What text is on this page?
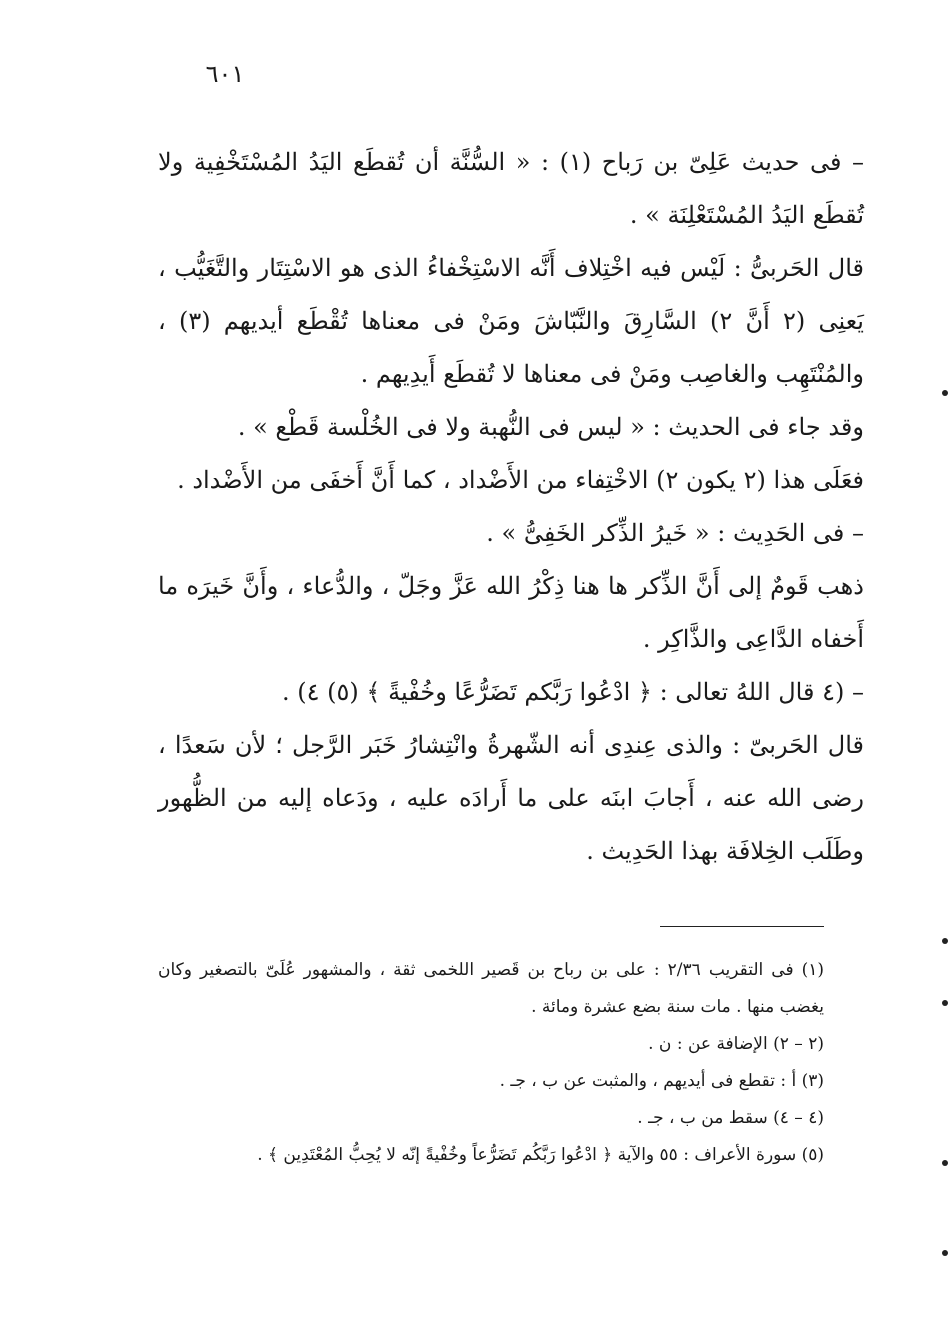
٦٠١

– فى حديث عَلِىّ بن رَباح (١) : « السُّنَّة أن تُقطَع اليَدُ المُسْتَخْفِية ولا تُقطَع اليَدُ المُسْتَعْلِنَة » .

قال الحَربىُّ : لَيْس فيه اخْتِلاف أَنَّه الاسْتِخْفاءُ الذى هو الاسْتِتَار والتَّغَيُّب ، يَعنِى (٢ أَنَّ ٢) السَّارِقَ والنَّبّاشَ ومَنْ فى معناها تُقْطَع أيديهم (٣) ، والمُنْتَهِب والغاصِب ومَنْ فى معناها لا تُقطَع أَيدِيهم .

وقد جاء فى الحديث : « ليس فى النُّهبة ولا فى الخُلْسة قَطْع » .

فعَلَى هذا (٢ يكون ٢) الاخْتِفاء من الأَضْداد ، كما أَنَّ أَخفَى من الأَضْداد .

– فى الحَدِيث : « خَيرُ الذِّكر الخَفِىُّ » .

ذهب قَومٌ إلى أَنَّ الذِّكر ها هنا ذِكْرُ الله عَزَّ وجَلّ ، والدُّعاء ، وأَنَّ خَيرَه ما أَخفاه الدَّاعِى والذَّاكِر .

– (٤ قال اللهُ تعالى : ﴿ ادْعُوا رَبَّكم تَضَرُّعًا وخُفْيةً ﴾ (٥) ٤) .

قال الحَربىّ : والذى عِندِى أنه الشّهرةُ وانْتِشارُ خَبَر الرَّجل ؛ لأن سَعدًا ، رضى الله عنه ، أَجابَ ابنَه على ما أَرادَه عليه ، ودَعاه إليه من الظُّهور وطَلَب الخِلافَة بهذا الحَدِيث .

(١) فى التقريب ٢/٣٦ : على بن رباح بن قَصير اللخمى ثقة ، والمشهور عُلَىّ بالتصغير وكان يغضب منها . مات سنة بضع عشرة ومائة .

(٢ – ٢) الإضافة عن : ن .

(٣) أ : تقطع فى أيديهم ، والمثبت عن ب ، جـ .

(٤ – ٤) سقط من ب ، جـ .

(٥) سورة الأعراف : ٥٥ والآية ﴿ ادْعُوا رَبَّكُم تَضَرُّعاً وخُفْيةً إنّه لا يُحِبُّ المُعْتَدِين ﴾ .
